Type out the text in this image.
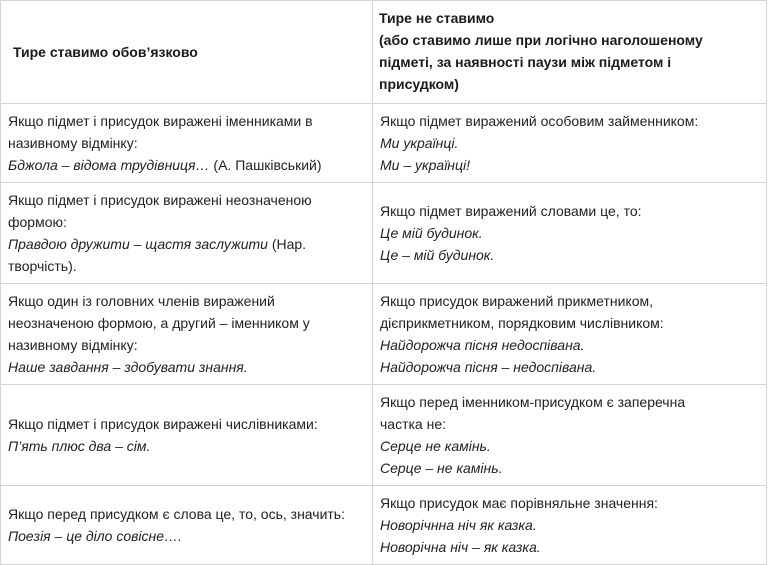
Тире ставимо обов’язково	Тире не ставимо
(або ставимо лише при логічно наголошеному
підметі, за наявності паузи між підметом і
присудком)

Якщо підмет і присудок виражені іменниками в
називному відмінку:
Бджола – відома трудівниця… (А. Пашківський)	Якщо підмет виражений особовим займенником:
Ми українці.
Ми – українці!

Якщо підмет і присудок виражені неозначеною
формою:
Правдою дружити – щастя заслужити (Нар.
творчість).	Якщо підмет виражений словами це, то:
Це мій будинок.
Це – мій будинок.

Якщо один із головних членів виражений
неозначеною формою, а другий – іменником у
називному відмінку:
Наше завдання – здобувати знання.	Якщо присудок виражений прикметником,
дієприкметником, порядковим числівником:
Найдорожча пісня недоспівана.
Найдорожча пісня – недоспівана.

Якщо підмет і присудок виражені числівниками:
П’ять плюс два – сім.	Якщо перед іменником-присудком є заперечна
частка не:
Серце не камінь.
Серце – не камінь.

Якщо перед присудком є слова це, то, ось, значить:
Поезія – це діло совісне….	Якщо присудок має порівняльне значення:
Новорічнна ніч як казка.
Новорічна ніч – як казка.
